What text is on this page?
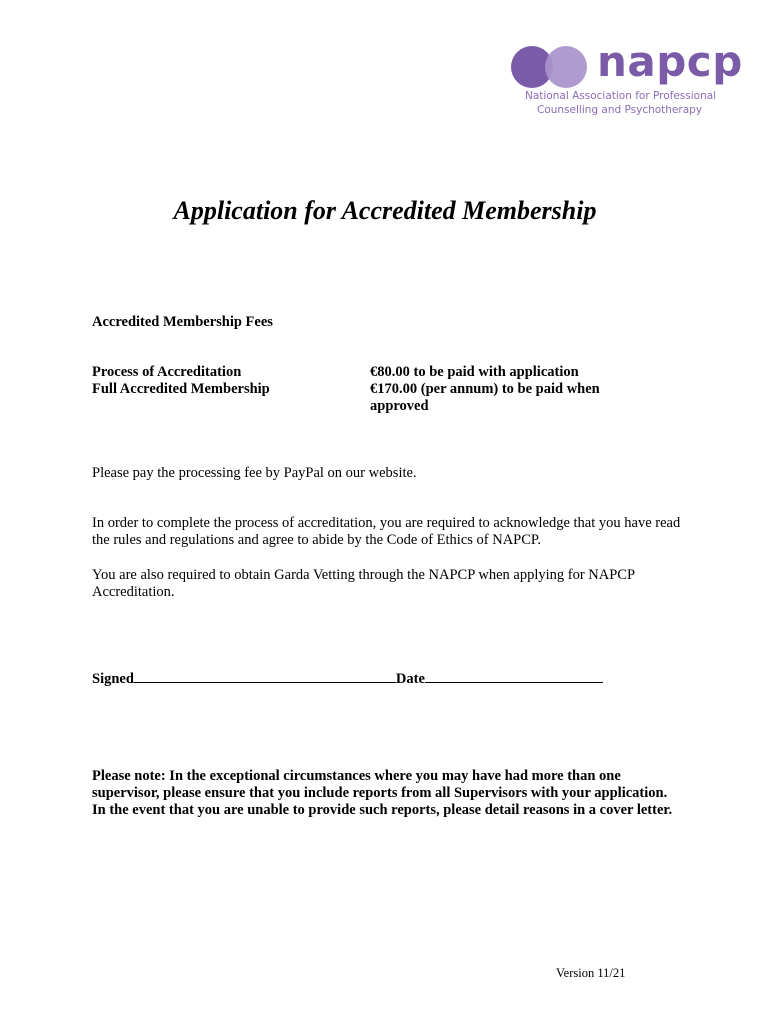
napcp
National Association for Professional
Counselling and Psychotherapy
Application for Accredited Membership
Accredited Membership Fees
Process of Accreditation
Full Accredited Membership
€80.00 to be paid with application
€170.00 (per annum) to be paid when approved
Please pay the processing fee by PayPal on our website.
In order to complete the process of accreditation, you are required to acknowledge that you have read the rules and regulations and agree to abide by the Code of Ethics of NAPCP.
You are also required to obtain Garda Vetting through the NAPCP when applying for NAPCP Accreditation.
Signed	Date
Please note: In the exceptional circumstances where you may have had more than one supervisor, please ensure that you include reports from all Supervisors with your application. In the event that you are unable to provide such reports, please detail reasons in a cover letter.
Version 11/21
